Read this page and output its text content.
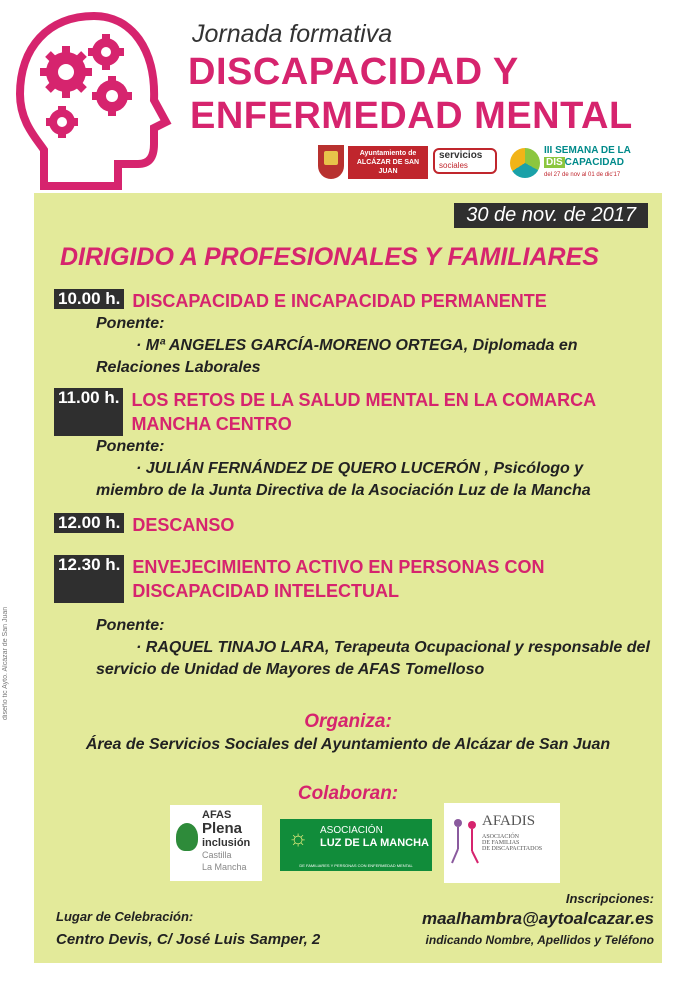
Jornada formativa
DISCAPACIDAD Y
ENFERMEDAD MENTAL
Ayuntamiento de ALCÁZAR DE SAN JUAN
servicios
sociales
III SEMANA DE LA
DIS CAPACIDAD
del 27 de nov al 01 de dic'17
diseño tic Ayto. Alcázar de San Juan
30 de nov. de 2017
DIRIGIDO A PROFESIONALES Y FAMILIARES
10.00 h. DISCAPACIDAD E INCAPACIDAD PERMANENTE
Ponente:
· Mª ANGELES GARCÍA-MORENO ORTEGA, Diplomada en Relaciones Laborales
11.00 h. LOS RETOS DE LA SALUD MENTAL EN LA COMARCA MANCHA CENTRO
Ponente:
· JULIÁN FERNÁNDEZ DE QUERO LUCERÓN , Psicólogo y miembro de la Junta Directiva de la Asociación Luz de la Mancha
12.00 h. DESCANSO
12.30 h. ENVEJECIMIENTO ACTIVO EN PERSONAS CON DISCAPACIDAD INTELECTUAL
Ponente:
· RAQUEL TINAJO LARA, Terapeuta Ocupacional y responsable del servicio de Unidad de Mayores de AFAS Tomelloso
Organiza:
Área de Servicios Sociales del Ayuntamiento de Alcázar de San Juan
Colaboran:
AFAS
Plena
inclusión
Castilla
La Mancha
☼ ASOCIACIÓN
LUZ DE LA MANCHA
DE FAMILIARES Y PERSONAS CON ENFERMEDAD MENTAL
AFADIS
ASOCIACIÓN
DE FAMILIAS
DE DISCAPACITADOS
Lugar de Celebración:
Centro Devis, C/ José Luis Samper, 2
Inscripciones:
maalhambra@aytoalcazar.es
indicando Nombre, Apellidos y Teléfono
